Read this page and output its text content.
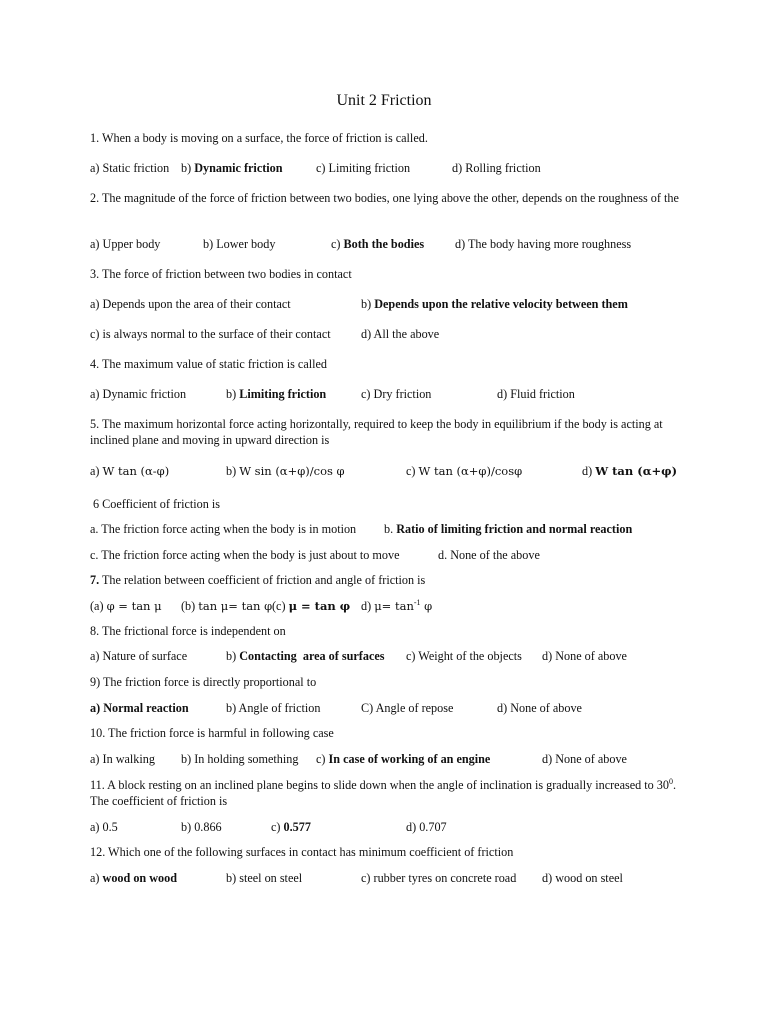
Unit 2 Friction
1. When a body is moving on a surface, the force of friction is called.
a) Static friction b) Dynamic friction	c) Limiting friction	d) Rolling friction
2. The magnitude of the force of friction between two bodies, one lying above the other, depends on the roughness of the
a) Upper body	b) Lower body	c) Both the bodies	d) The body having more roughness
3. The force of friction between two bodies in contact
a) Depends upon the area of their contact	b) Depends upon the relative velocity between them
c) is always normal to the surface of their contact d) All the above
4. The maximum value of static friction is called
a) Dynamic friction	b) Limiting friction	c) Dry friction	d) Fluid friction
5. The maximum horizontal force acting horizontally, required to keep the body in equilibrium if the body is acting at inclined plane and moving in upward direction is
a) W tan (α-φ)	b) W sin (α+φ)/cos φ	c) W tan (α+φ)/cosφ	d) W tan (α+φ)
6 Coefficient of friction is
a. The friction force acting when the body is in motion b. Ratio of limiting friction and normal reaction
c. The friction force acting when the body is just about to move	d. None of the above
7. The relation between coefficient of friction and angle of friction is
(a) φ = tan μ (b) tan μ= tan φ (c) μ = tan φ d) $\mu= \tan^{-1} \varphi$
8. The frictional force is independent on
a) Nature of surface	b) Contacting  area of surfaces c) Weight of the objects d) None of above
9) The friction force is directly proportional to
a) Normal reaction	b) Angle of friction	C) Angle of repose	d) None of above
10. The friction force is harmful in following case
a) In walking b) In holding something c) In case of working of an engine	d) None of above
11. A block resting on an inclined plane begins to slide down when the angle of inclination is gradually increased to $30^0$. The coefficient of friction is
a) 0.5	b) 0.866	c) 0.577	d) 0.707
12. Which one of the following surfaces in contact has minimum coefficient of friction
a) wood on wood	b) steel on steel	c) rubber tyres on concrete road d) wood on steel
